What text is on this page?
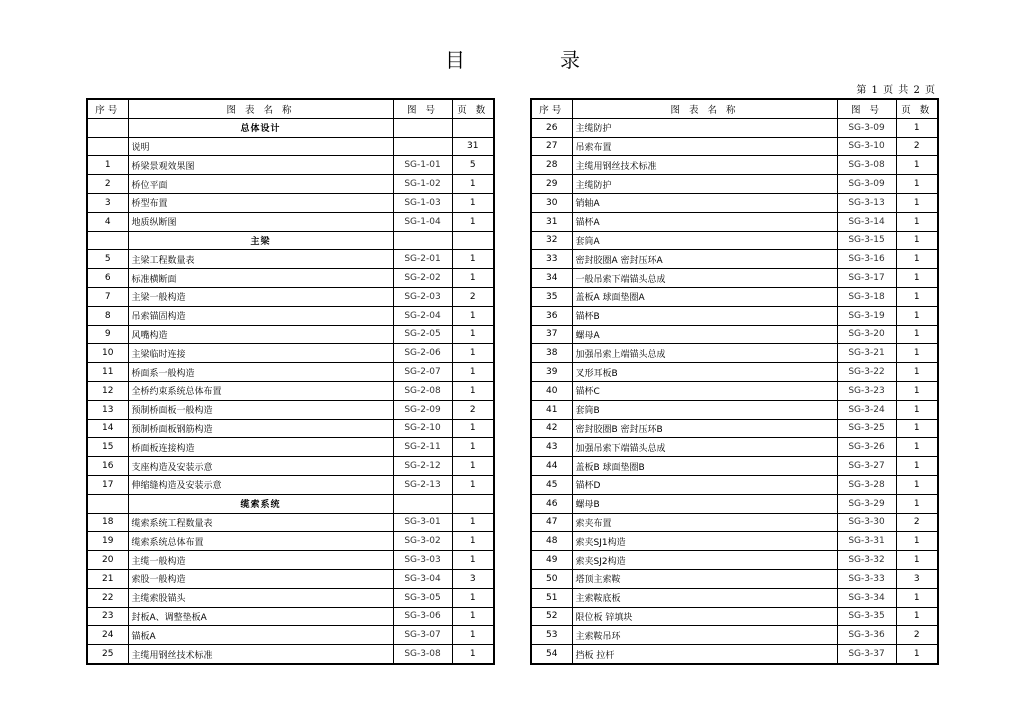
目	录
第 1 页 共 2 页
序号	图 表 名 称	图 号	页 数
	总体设计		
	说明		31
1	桥梁景观效果图	SG-1-01	5
2	桥位平面	SG-1-02	1
3	桥型布置	SG-1-03	1
4	地质纵断图	SG-1-04	1
	主梁		
5	主梁工程数量表	SG-2-01	1
6	标准横断面	SG-2-02	1
7	主梁一般构造	SG-2-03	2
8	吊索锚固构造	SG-2-04	1
9	风嘴构造	SG-2-05	1
10	主梁临时连接	SG-2-06	1
11	桥面系一般构造	SG-2-07	1
12	全桥约束系统总体布置	SG-2-08	1
13	预制桥面板一般构造	SG-2-09	2
14	预制桥面板钢筋构造	SG-2-10	1
15	桥面板连接构造	SG-2-11	1
16	支座构造及安装示意	SG-2-12	1
17	伸缩缝构造及安装示意	SG-2-13	1
	缆索系统		
18	缆索系统工程数量表	SG-3-01	1
19	缆索系统总体布置	SG-3-02	1
20	主缆一般构造	SG-3-03	1
21	索股一般构造	SG-3-04	3
22	主缆索股锚头	SG-3-05	1
23	封板A、调整垫板A	SG-3-06	1
24	锚板A	SG-3-07	1
25	主缆用钢丝技术标准	SG-3-08	1
序号	图 表 名 称	图 号	页 数
26	主缆防护	SG-3-09	1
27	吊索布置	SG-3-10	2
28	主缆用钢丝技术标准	SG-3-08	1
29	主缆防护	SG-3-09	1
30	销轴A	SG-3-13	1
31	锚杯A	SG-3-14	1
32	套筒A	SG-3-15	1
33	密封胶圈A 密封压环A	SG-3-16	1
34	一般吊索下端锚头总成	SG-3-17	1
35	盖板A 球面垫圈A	SG-3-18	1
36	锚杯B	SG-3-19	1
37	螺母A	SG-3-20	1
38	加强吊索上端锚头总成	SG-3-21	1
39	叉形耳板B	SG-3-22	1
40	锚杯C	SG-3-23	1
41	套筒B	SG-3-24	1
42	密封胶圈B 密封压环B	SG-3-25	1
43	加强吊索下端锚头总成	SG-3-26	1
44	盖板B 球面垫圈B	SG-3-27	1
45	锚杯D	SG-3-28	1
46	螺母B	SG-3-29	1
47	索夹布置	SG-3-30	2
48	索夹SJ1构造	SG-3-31	1
49	索夹SJ2构造	SG-3-32	1
50	塔顶主索鞍	SG-3-33	3
51	主索鞍底板	SG-3-34	1
52	限位板 锌填块	SG-3-35	1
53	主索鞍吊环	SG-3-36	2
54	挡板 拉杆	SG-3-37	1
